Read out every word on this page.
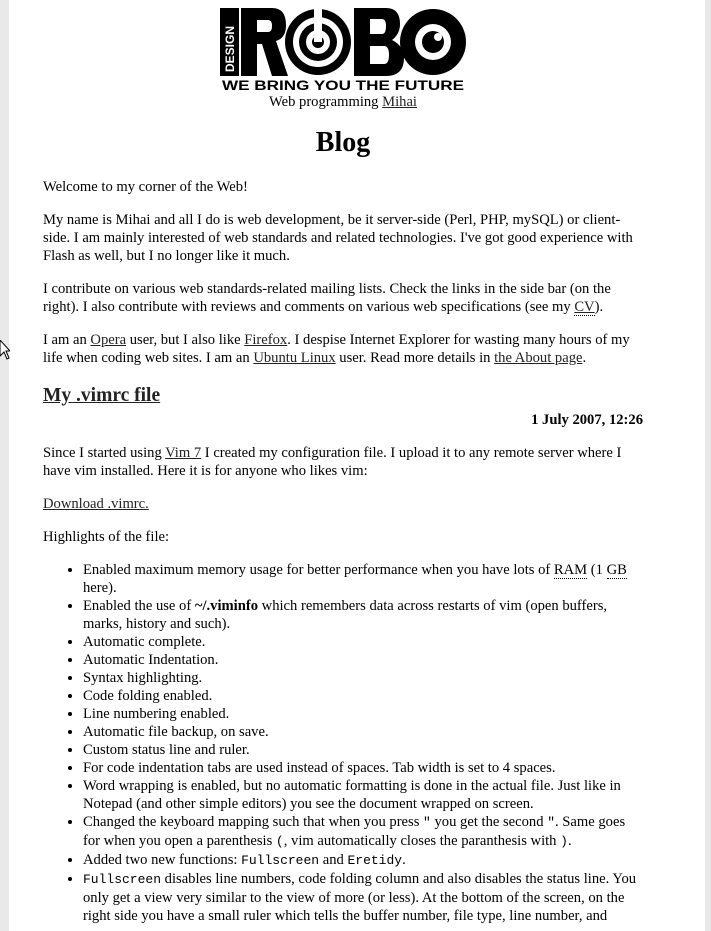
DESIGN
WE BRING YOU THE FUTURE
Web programming Mihai
Blog

Welcome to my corner of the Web!

My name is Mihai and all I do is web development, be it server-side (Perl, PHP, mySQL) or client-side. I am mainly interested of web standards and related technologies. I've got good experience with Flash as well, but I no longer like it much.

I contribute on various web standards-related mailing lists. Check the links in the side bar (on the right). I also contribute with reviews and comments on various web specifications (see my CV).

I am an Opera user, but I also like Firefox. I despise Internet Explorer for wasting many hours of my life when coding web sites. I am an Ubuntu Linux user. Read more details in the About page.

My .vimrc file
1 July 2007, 12:26

Since I started using Vim 7 I created my configuration file. I upload it to any remote server where I have vim installed. Here it is for anyone who likes vim:

Download .vimrc.

Highlights of the file:

• Enabled maximum memory usage for better performance when you have lots of RAM (1 GB here).
• Enabled the use of ~/.viminfo which remembers data across restarts of vim (open buffers, marks, history and such).
• Automatic complete.
• Automatic Indentation.
• Syntax highlighting.
• Code folding enabled.
• Line numbering enabled.
• Automatic file backup, on save.
• Custom status line and ruler.
• For code indentation tabs are used instead of spaces. Tab width is set to 4 spaces.
• Word wrapping is enabled, but no automatic formatting is done in the actual file. Just like in Notepad (and other simple editors) you see the document wrapped on screen.
• Changed the keyboard mapping such that when you press " you get the second ". Same goes for when you open a parenthesis (, vim automatically closes the paranthesis with ).
• Added two new functions: Fullscreen and Eretidy.
• Fullscreen disables line numbers, code folding column and also disables the status line. You only get a view very similar to the view of more (or less). At the bottom of the screen, on the right side you have a small ruler which tells the buffer number, file type, line number, and
